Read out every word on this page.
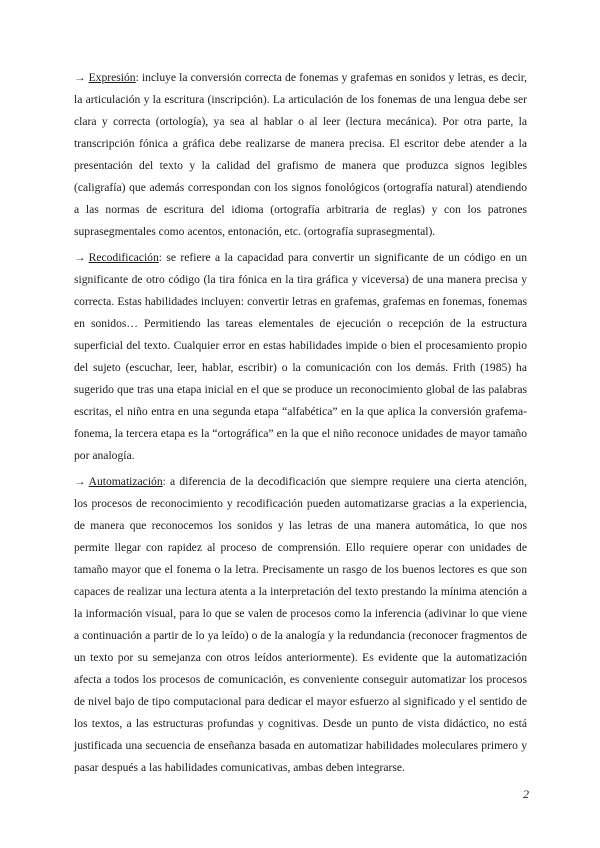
→ Expresión: incluye la conversión correcta de fonemas y grafemas en sonidos y letras, es decir, la articulación y la escritura (inscripción). La articulación de los fonemas de una lengua debe ser clara y correcta (ortología), ya sea al hablar o al leer (lectura mecánica). Por otra parte, la transcripción fónica a gráfica debe realizarse de manera precisa. El escritor debe atender a la presentación del texto y la calidad del grafismo de manera que produzca signos legibles (caligrafía) que además correspondan con los signos fonológicos (ortografía natural) atendiendo a las normas de escritura del idioma (ortografía arbitraria de reglas) y con los patrones suprasegmentales como acentos, entonación, etc. (ortografía suprasegmental).

→ Recodificación: se refiere a la capacidad para convertir un significante de un código en un significante de otro código (la tira fónica en la tira gráfica y viceversa) de una manera precisa y correcta. Estas habilidades incluyen: convertir letras en grafemas, grafemas en fonemas, fonemas en sonidos… Permitiendo las tareas elementales de ejecución o recepción de la estructura superficial del texto. Cualquier error en estas habilidades impide o bien el procesamiento propio del sujeto (escuchar, leer, hablar, escribir) o la comunicación con los demás. Frith (1985) ha sugerido que tras una etapa inicial en el que se produce un reconocimiento global de las palabras escritas, el niño entra en una segunda etapa “alfabética” en la que aplica la conversión grafema-fonema, la tercera etapa es la “ortográfica” en la que el niño reconoce unidades de mayor tamaño por analogía.

→ Automatización: a diferencia de la decodificación que siempre requiere una cierta atención, los procesos de reconocimiento y recodificación pueden automatizarse gracias a la experiencia, de manera que reconocemos los sonidos y las letras de una manera automática, lo que nos permite llegar con rapidez al proceso de comprensión. Ello requiere operar con unidades de tamaño mayor que el fonema o la letra. Precisamente un rasgo de los buenos lectores es que son capaces de realizar una lectura atenta a la interpretación del texto prestando la mínima atención a la información visual, para lo que se valen de procesos como la inferencia (adivinar lo que viene a continuación a partir de lo ya leído) o de la analogía y la redundancia (reconocer fragmentos de un texto por su semejanza con otros leídos anteriormente). Es evidente que la automatización afecta a todos los procesos de comunicación, es conveniente conseguir automatizar los procesos de nivel bajo de tipo computacional para dedicar el mayor esfuerzo al significado y el sentido de los textos, a las estructuras profundas y cognitivas. Desde un punto de vista didáctico, no está justificada una secuencia de enseñanza basada en automatizar habilidades moleculares primero y pasar después a las habilidades comunicativas, ambas deben integrarse.

2
